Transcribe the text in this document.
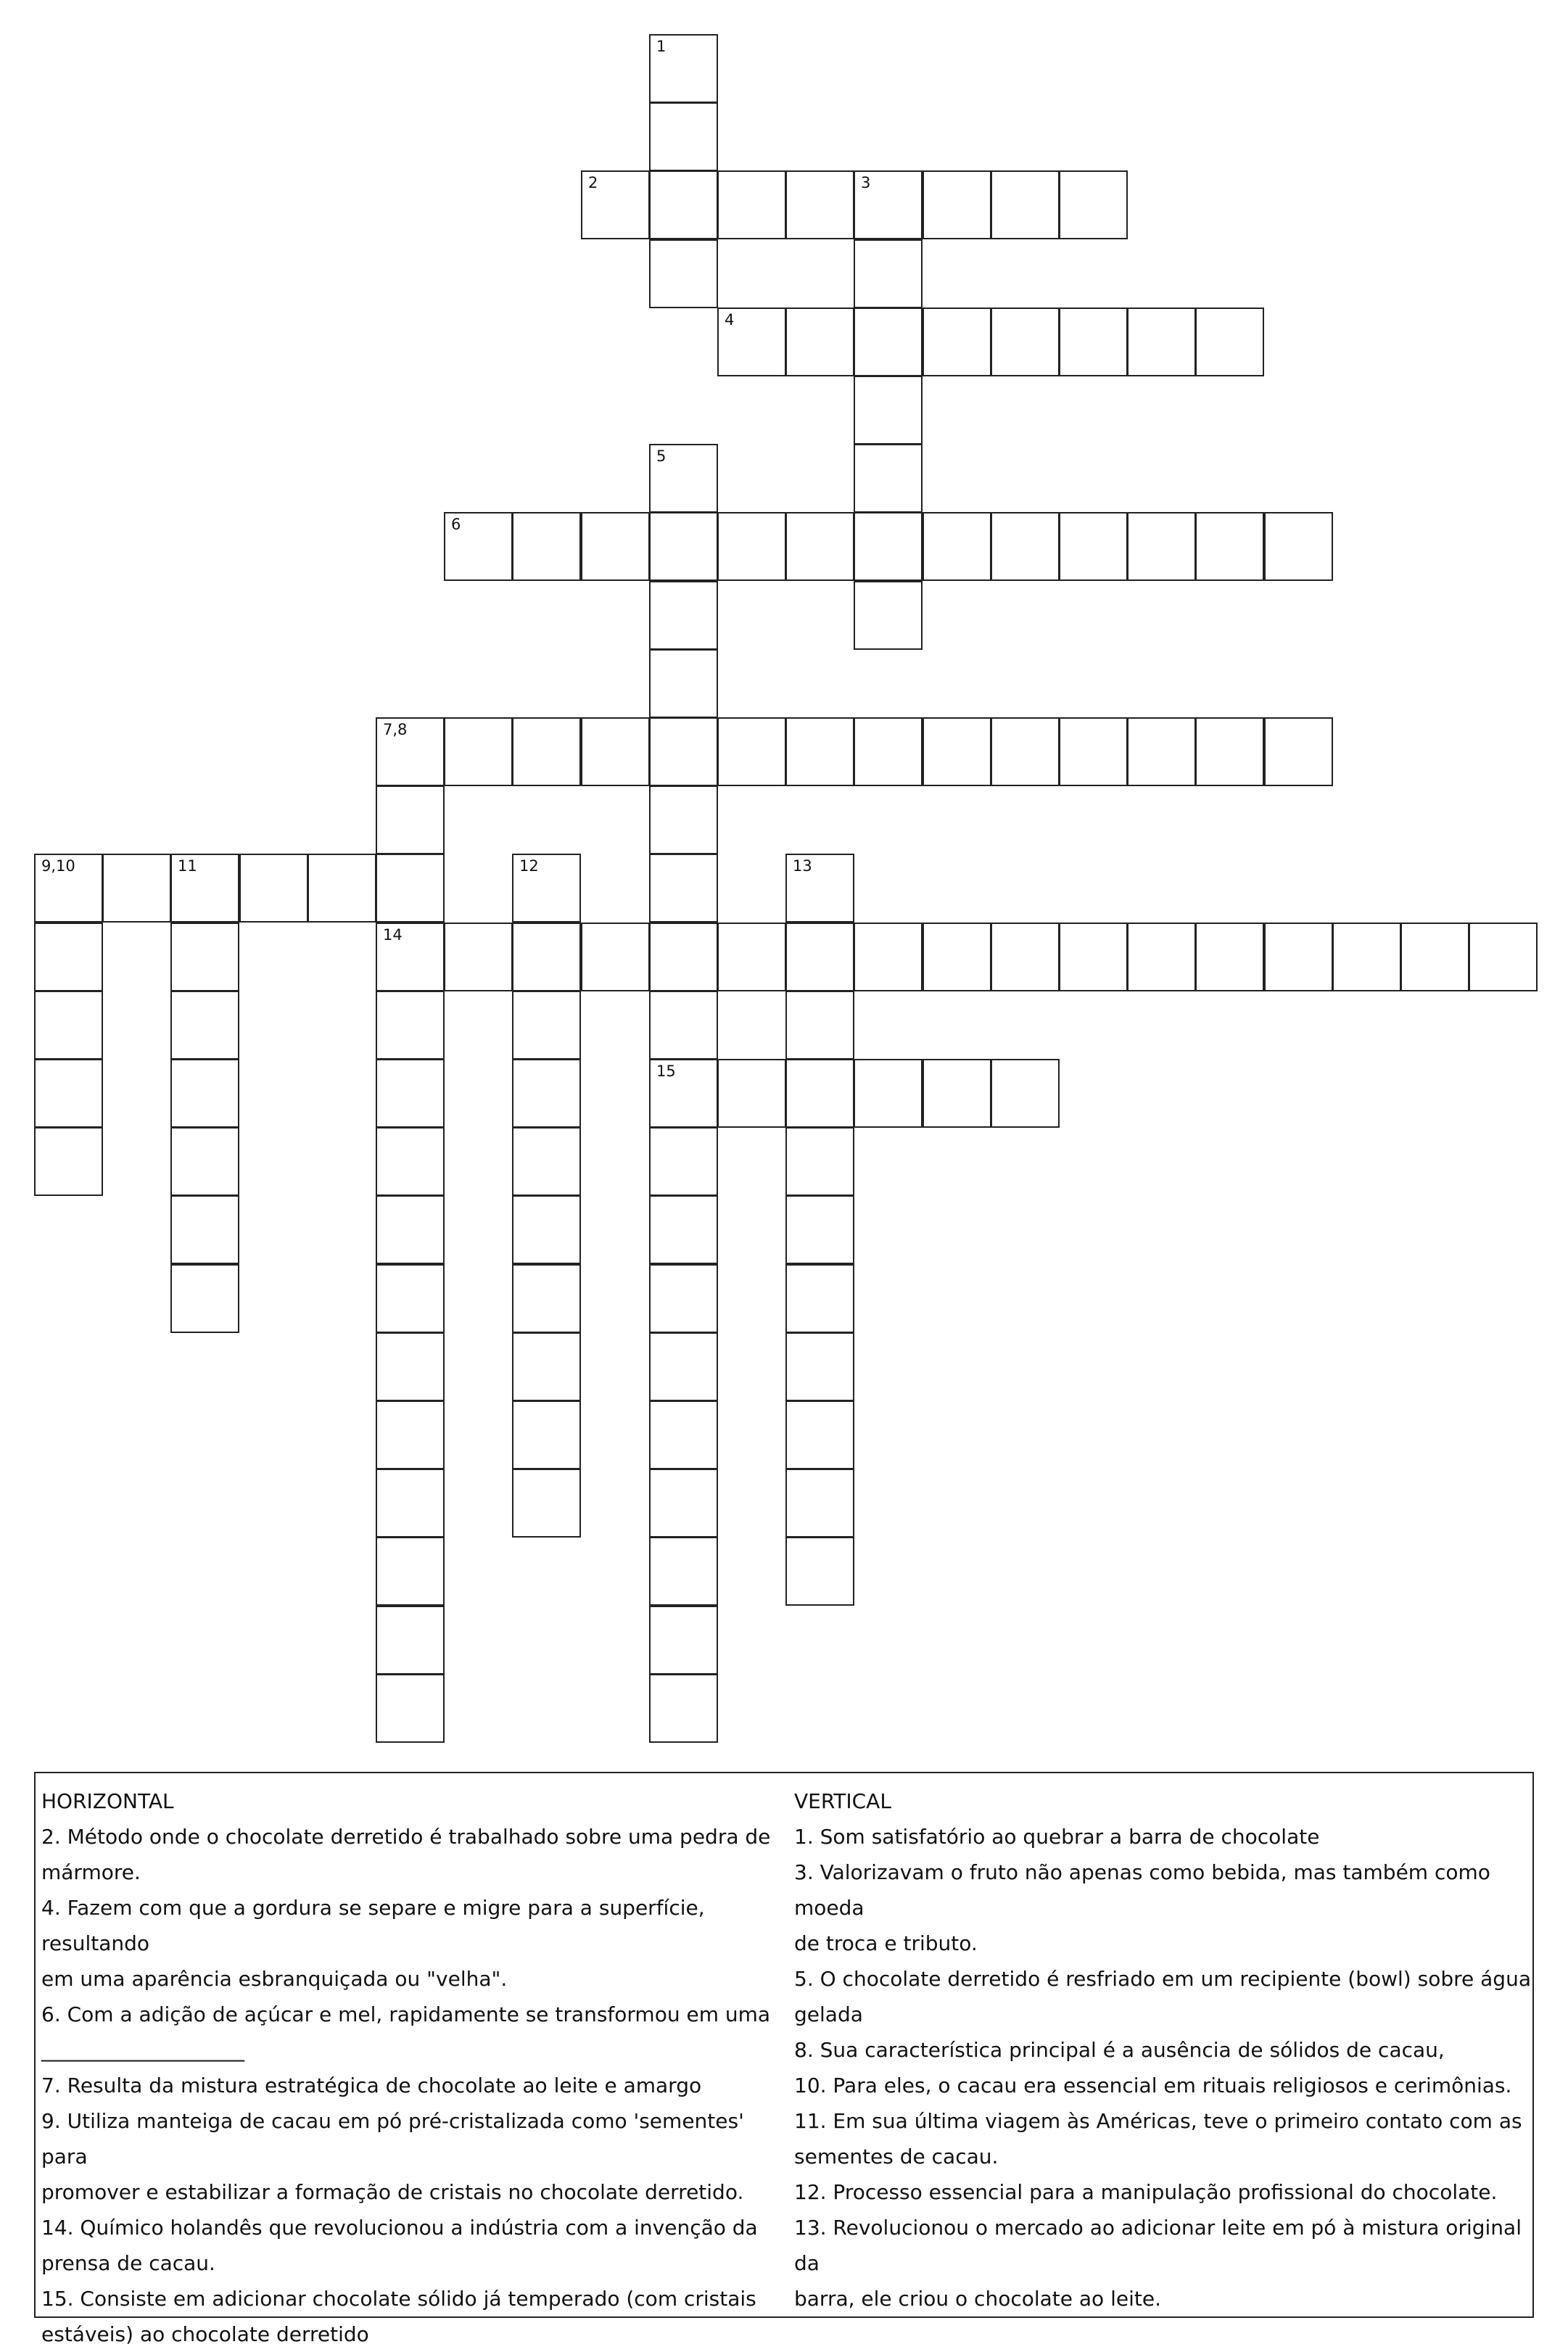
1
2	3
4
5
15
6
7,8
14
9,10	11	12	13

HORIZONTAL

2. Método onde o chocolate derretido é trabalhado sobre uma pedra de

mármore.

4. Fazem com que a gordura se separe e migre para a superfície, resultando

em uma aparência esbranquiçada ou "velha".

6. Com a adição de açúcar e mel, rapidamente se transformou em uma

____________________

7. Resulta da mistura estratégica de chocolate ao leite e amargo

9. Utiliza manteiga de cacau em pó pré-cristalizada como 'sementes' para

promover e estabilizar a formação de cristais no chocolate derretido.

14. Químico holandês que revolucionou a indústria com a invenção da

prensa de cacau.

15. Consiste em adicionar chocolate sólido já temperado (com cristais

estáveis) ao chocolate derretido

VERTICAL

1. Som satisfatório ao quebrar a barra de chocolate

3. Valorizavam o fruto não apenas como bebida, mas também como moeda

de troca e tributo.

5. O chocolate derretido é resfriado em um recipiente (bowl) sobre água

gelada

8. Sua característica principal é a ausência de sólidos de cacau,

10. Para eles, o cacau era essencial em rituais religiosos e cerimônias.

11. Em sua última viagem às Américas, teve o primeiro contato com as

sementes de cacau.

12. Processo essencial para a manipulação profissional do chocolate.

13. Revolucionou o mercado ao adicionar leite em pó à mistura original da

barra, ele criou o chocolate ao leite.
